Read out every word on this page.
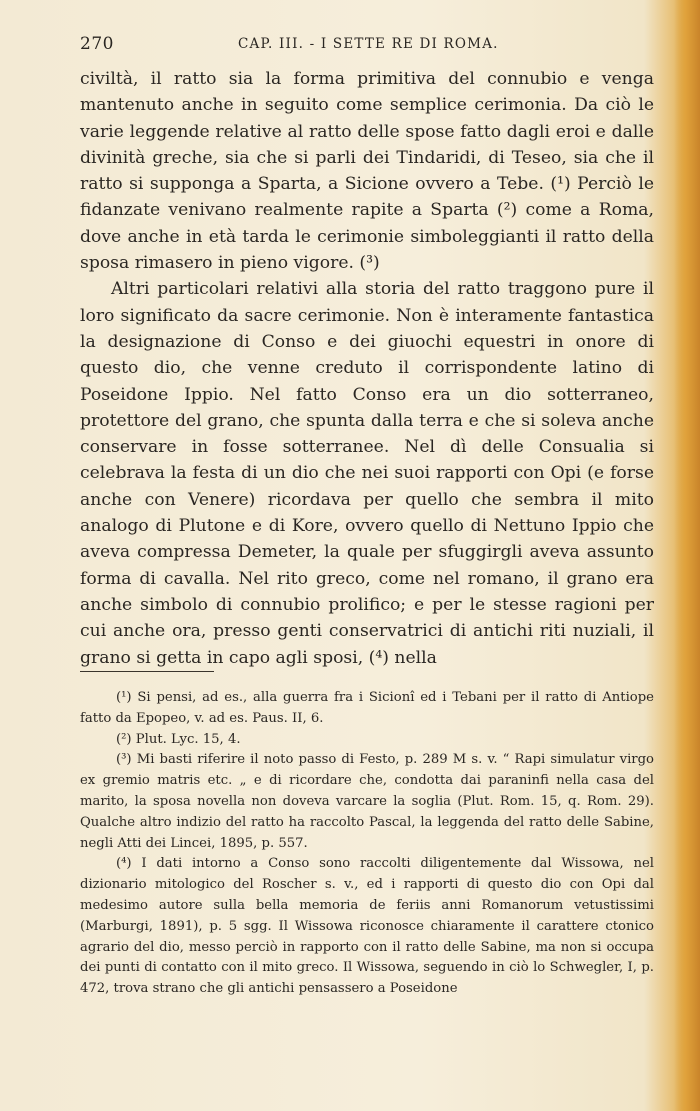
270	CAP. III. - I SETTE RE DI ROMA.

civiltà, il ratto sia la forma primitiva del connubio e venga mantenuto anche in seguito come semplice cerimonia. Da ciò le varie leggende relative al ratto delle spose fatto dagli eroi e dalle divinità greche, sia che si parli dei Tindaridi, di Teseo, sia che il ratto si supponga a Sparta, a Sicione ovvero a Tebe. (¹) Perciò le fidanzate venivano realmente rapite a Sparta (²) come a Roma, dove anche in età tarda le cerimonie simboleggianti il ratto della sposa rimasero in pieno vigore. (³)

Altri particolari relativi alla storia del ratto traggono pure il loro significato da sacre cerimonie. Non è interamente fantastica la designazione di Conso e dei giuochi equestri in onore di questo dio, che venne creduto il corrispondente latino di Poseidone Ippio. Nel fatto Conso era un dio sotterraneo, protettore del grano, che spunta dalla terra e che si soleva anche conservare in fosse sotterranee. Nel dì delle Consualia si celebrava la festa di un dio che nei suoi rapporti con Opi (e forse anche con Venere) ricordava per quello che sembra il mito analogo di Plutone e di Kore, ovvero quello di Nettuno Ippio che aveva compressa Demeter, la quale per sfuggirgli aveva assunto forma di cavalla. Nel rito greco, come nel romano, il grano era anche simbolo di connubio prolifico; e per le stesse ragioni per cui anche ora, presso genti conservatrici di antichi riti nuziali, il grano si getta in capo agli sposi, (⁴) nella

(¹) Si pensi, ad es., alla guerra fra i Sicionî ed i Tebani per il ratto di Antiope fatto da Epopeo, v. ad es. Paus. II, 6.

(²) Plut. Lyc. 15, 4.

(³) Mi basti riferire il noto passo di Festo, p. 289 M s. v. “ Rapi simulatur virgo ex gremio matris etc. „ e di ricordare che, condotta dai paraninfi nella casa del marito, la sposa novella non doveva varcare la soglia (Plut. Rom. 15, q. Rom. 29). Qualche altro indizio del ratto ha raccolto Pascal, la leggenda del ratto delle Sabine, negli Atti dei Lincei, 1895, p. 557.

(⁴) I dati intorno a Conso sono raccolti diligentemente dal Wissowa, nel dizionario mitologico del Roscher s. v., ed i rapporti di questo dio con Opi dal medesimo autore sulla bella memoria de feriis anni Romanorum vetustissimi (Marburgi, 1891), p. 5 sgg. Il Wissowa riconosce chiaramente il carattere ctonico agrario del dio, messo perciò in rapporto con il ratto delle Sabine, ma non si occupa dei punti di contatto con il mito greco. Il Wissowa, seguendo in ciò lo Schwegler, I, p. 472, trova strano che gli antichi pensassero a Poseidone
